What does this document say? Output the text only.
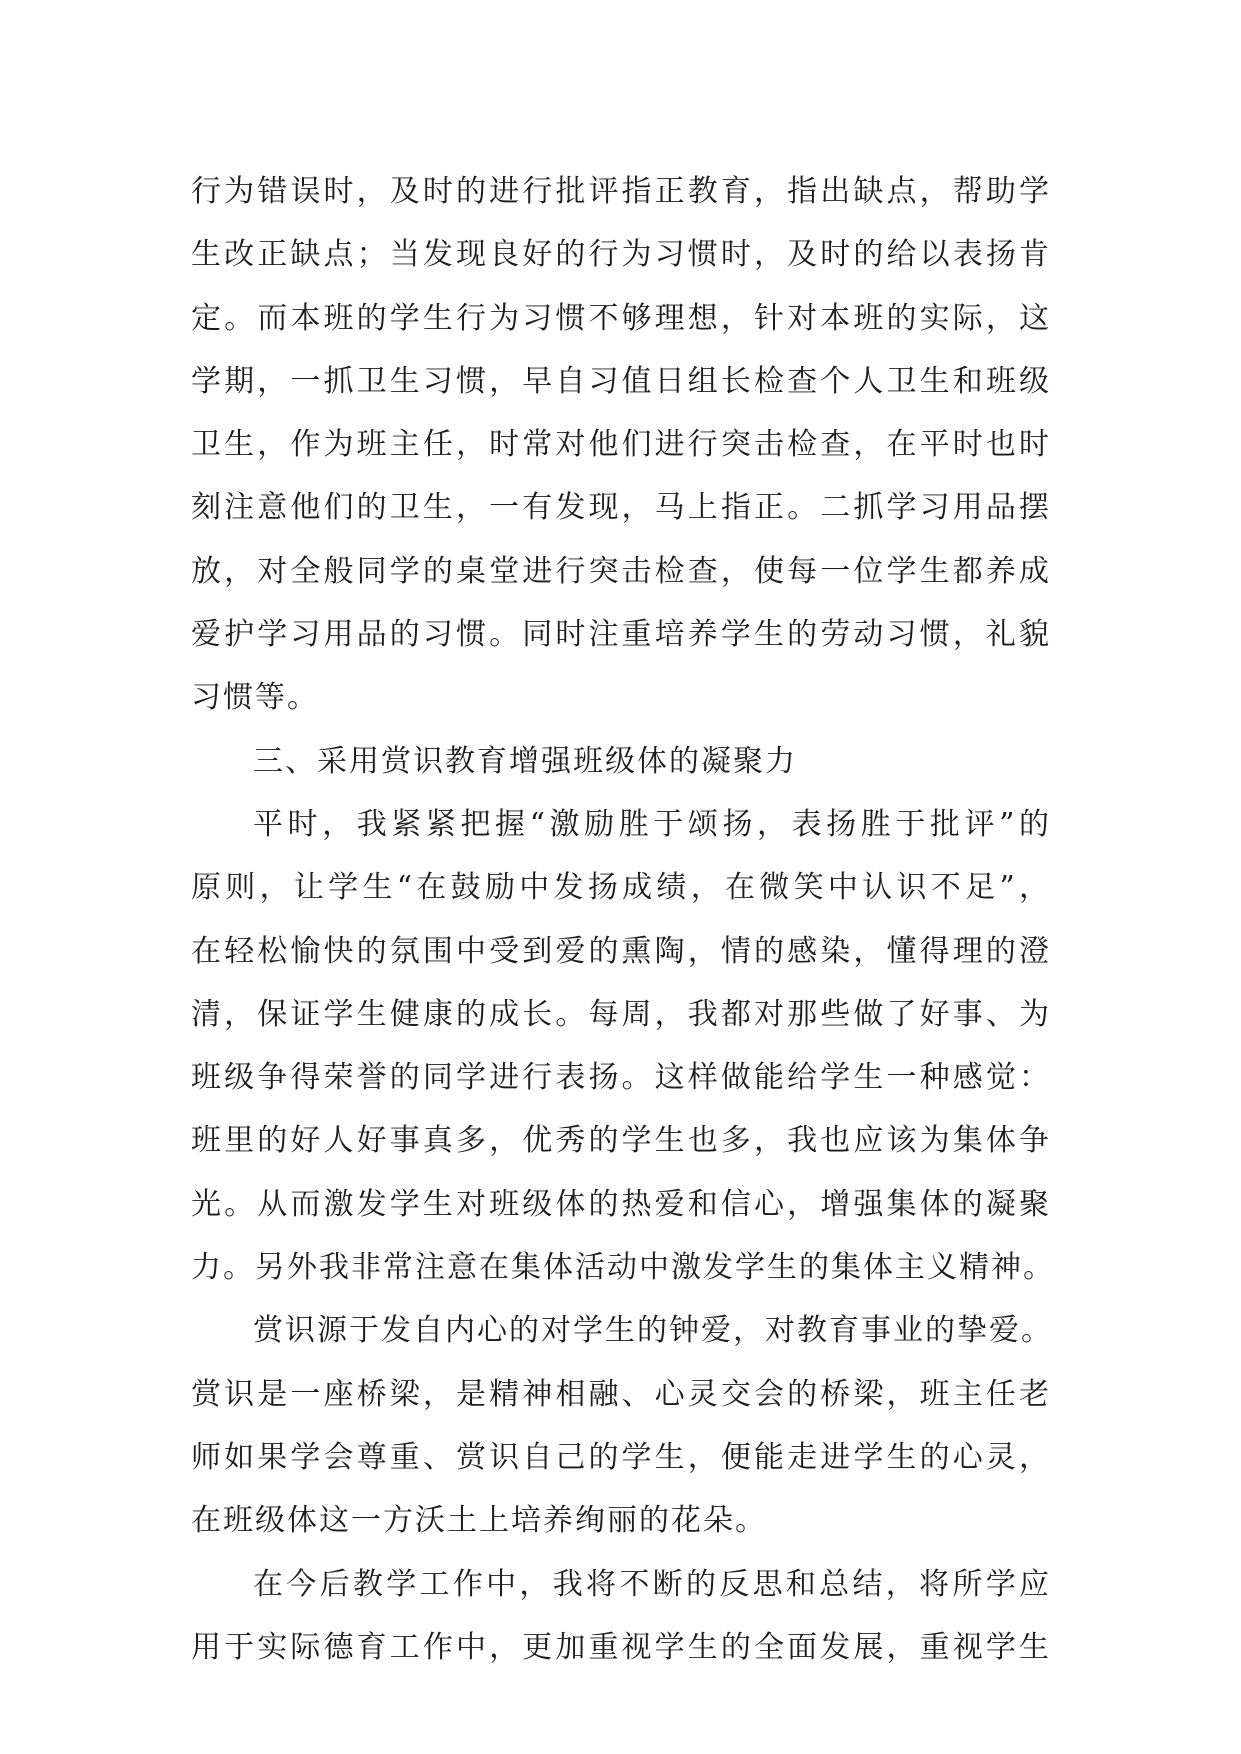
行为错误时，及时的进行批评指正教育，指出缺点，帮助学
生改正缺点；当发现良好的行为习惯时，及时的给以表扬肯
定。而本班的学生行为习惯不够理想，针对本班的实际，这
学期，一抓卫生习惯，早自习值日组长检查个人卫生和班级
卫生，作为班主任，时常对他们进行突击检查，在平时也时
刻注意他们的卫生，一有发现，马上指正。二抓学习用品摆
放，对全般同学的桌堂进行突击检查，使每一位学生都养成
爱护学习用品的习惯。同时注重培养学生的劳动习惯，礼貌
习惯等。
三、采用赏识教育增强班级体的凝聚力
平时，我紧紧把握“激励胜于颂扬，表扬胜于批评”的
原则，让学生“在鼓励中发扬成绩，在微笑中认识不足”，
在轻松愉快的氛围中受到爱的熏陶，情的感染，懂得理的澄
清，保证学生健康的成长。每周，我都对那些做了好事、为
班级争得荣誉的同学进行表扬。这样做能给学生一种感觉：
班里的好人好事真多，优秀的学生也多，我也应该为集体争
光。从而激发学生对班级体的热爱和信心，增强集体的凝聚
力。另外我非常注意在集体活动中激发学生的集体主义精神。
赏识源于发自内心的对学生的钟爱，对教育事业的挚爱。
赏识是一座桥梁，是精神相融、心灵交会的桥梁，班主任老
师如果学会尊重、赏识自己的学生，便能走进学生的心灵，
在班级体这一方沃土上培养绚丽的花朵。
在今后教学工作中，我将不断的反思和总结，将所学应
用于实际德育工作中，更加重视学生的全面发展，重视学生
